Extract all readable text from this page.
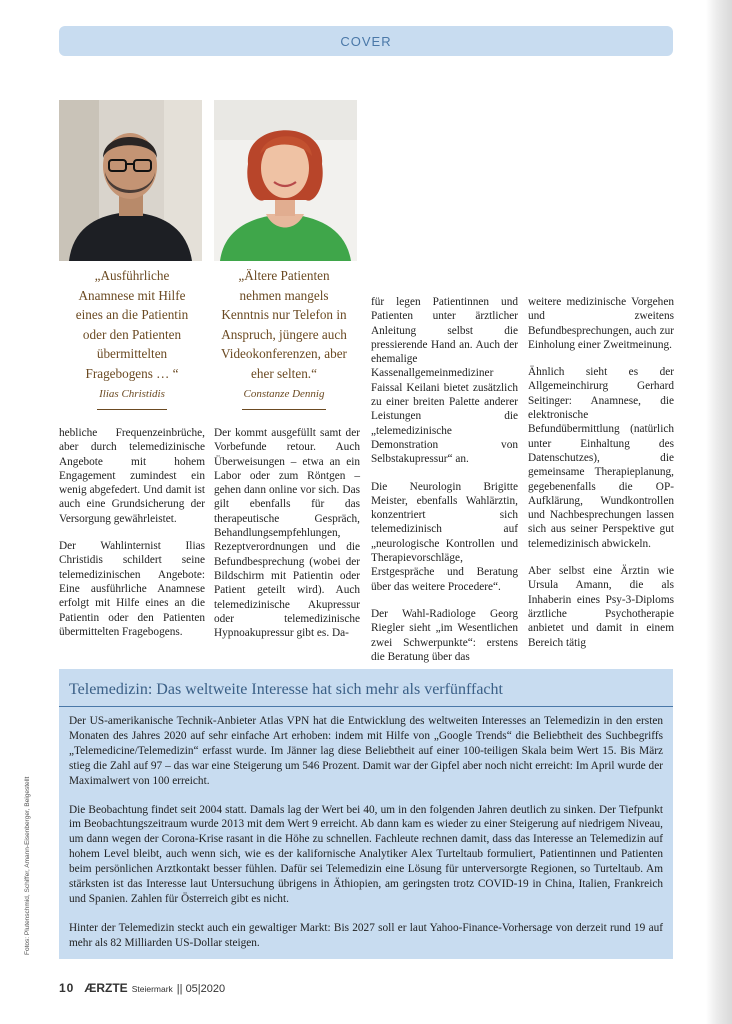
COVER
„Ausführliche
Anamnese mit Hilfe
eines an die Patientin
oder den Patienten
übermittelten
Fragebogens … “
Ilias Christidis
„Ältere Patienten
nehmen mangels
Kenntnis nur Telefon in
Anspruch, jüngere auch
Videokonferenzen, aber
eher selten.“
Constanze Dennig

hebliche Frequenzeinbrüche, aber durch telemedizinische Angebote mit hohem Engagement zumindest ein wenig abgefedert. Und damit ist auch eine Grundsicherung der Versorgung gewährleistet.

Der Wahlinternist Ilias Christidis schildert seine telemedizinischen Angebote: Eine ausführliche Anamnese erfolgt mit Hilfe eines an die Patientin oder den Patienten übermittelten Fragebogens.

Der kommt ausgefüllt samt der Vorbefunde retour. Auch Überweisungen – etwa an ein Labor oder zum Röntgen – gehen dann online vor sich. Das gilt ebenfalls für das therapeutische Gespräch, Behandlungsempfehlungen, Rezeptverordnungen und die Befundbesprechung (wobei der Bildschirm mit Patientin oder Patient geteilt wird). Auch telemedizinische Akupressur oder telemedizinische Hypnoakupressur gibt es. Da-

für legen Patientinnen und Patienten unter ärztlicher Anleitung selbst die pressierende Hand an. Auch der ehemalige Kassenallgemeinmediziner Faissal Keilani bietet zusätzlich zu einer breiten Palette anderer Leistungen die „telemedizinische Demonstration von Selbstakupressur“ an.

Die Neurologin Brigitte Meister, ebenfalls Wahlärztin, konzentriert sich telemedizinisch auf „neurologische Kontrollen und Therapievorschläge, Erstgespräche und Beratung über das weitere Procedere“.

Der Wahl-Radiologe Georg Riegler sieht „im Wesentlichen zwei Schwerpunkte“: erstens die Beratung über das

weitere medizinische Vorgehen und zweitens Befundbesprechungen, auch zur Einholung einer Zweitmeinung.

Ähnlich sieht es der Allgemeinchirurg Gerhard Seitinger: Anamnese, die elektronische Befundübermittlung (natürlich unter Einhaltung des Datenschutzes), die gemeinsame Therapieplanung, gegebenenfalls die OP-Aufklärung, Wundkontrollen und Nachbesprechungen lassen sich aus seiner Perspektive gut telemedizinisch abwickeln.

Aber selbst eine Ärztin wie Ursula Amann, die als Inhaberin eines Psy-3-Diploms ärztliche Psychotherapie anbietet und damit in einem Bereich tätig

Telemedizin: Das weltweite Interesse hat sich mehr als verfünffacht

Der US-amerikanische Technik-Anbieter Atlas VPN hat die Entwicklung des weltweiten Interesses an Telemedizin in den ersten Monaten des Jahres 2020 auf sehr einfache Art erhoben: indem mit Hilfe von „Google Trends“ die Beliebtheit des Suchbegriffs „Telemedicine/Telemedizin“ erfasst wurde. Im Jänner lag diese Beliebtheit auf einer 100-teiligen Skala beim Wert 15. Bis März stieg die Zahl auf 97 – das war eine Steigerung um 546 Prozent. Damit war der Gipfel aber noch nicht erreicht: Im April wurde der Maximalwert von 100 erreicht.

Die Beobachtung findet seit 2004 statt. Damals lag der Wert bei 40, um in den folgenden Jahren deutlich zu sinken. Der Tiefpunkt im Beobachtungszeitraum wurde 2013 mit dem Wert 9 erreicht. Ab dann kam es wieder zu einer Steigerung auf niedrigem Niveau, um dann wegen der Corona-Krise rasant in die Höhe zu schnellen. Fachleute rechnen damit, dass das Interesse an Telemedizin auf hohem Level bleibt, auch wenn sich, wie es der kalifornische Analytiker Alex Turteltaub formuliert, Patientinnen und Patienten beim persönlichen Arztkontakt besser fühlen. Dafür sei Telemedizin eine Lösung für unterversorgte Regionen, so Turteltaub. Am stärksten ist das Interesse laut Untersuchung übrigens in Äthiopien, am geringsten trotz COVID-19 in China, Italien, Frankreich und Spanien. Zahlen für Österreich gibt es nicht.

Hinter der Telemedizin steckt auch ein gewaltiger Markt: Bis 2027 soll er laut Yahoo-Finance-Vorhersage von derzeit rund 19 auf mehr als 82 Milliarden US-Dollar steigen.

Fotos: Plutenschmid, Schiffer, Amann-Eisenberger, Beigestellt
10 ÆRZTE Steiermark || 05|2020
